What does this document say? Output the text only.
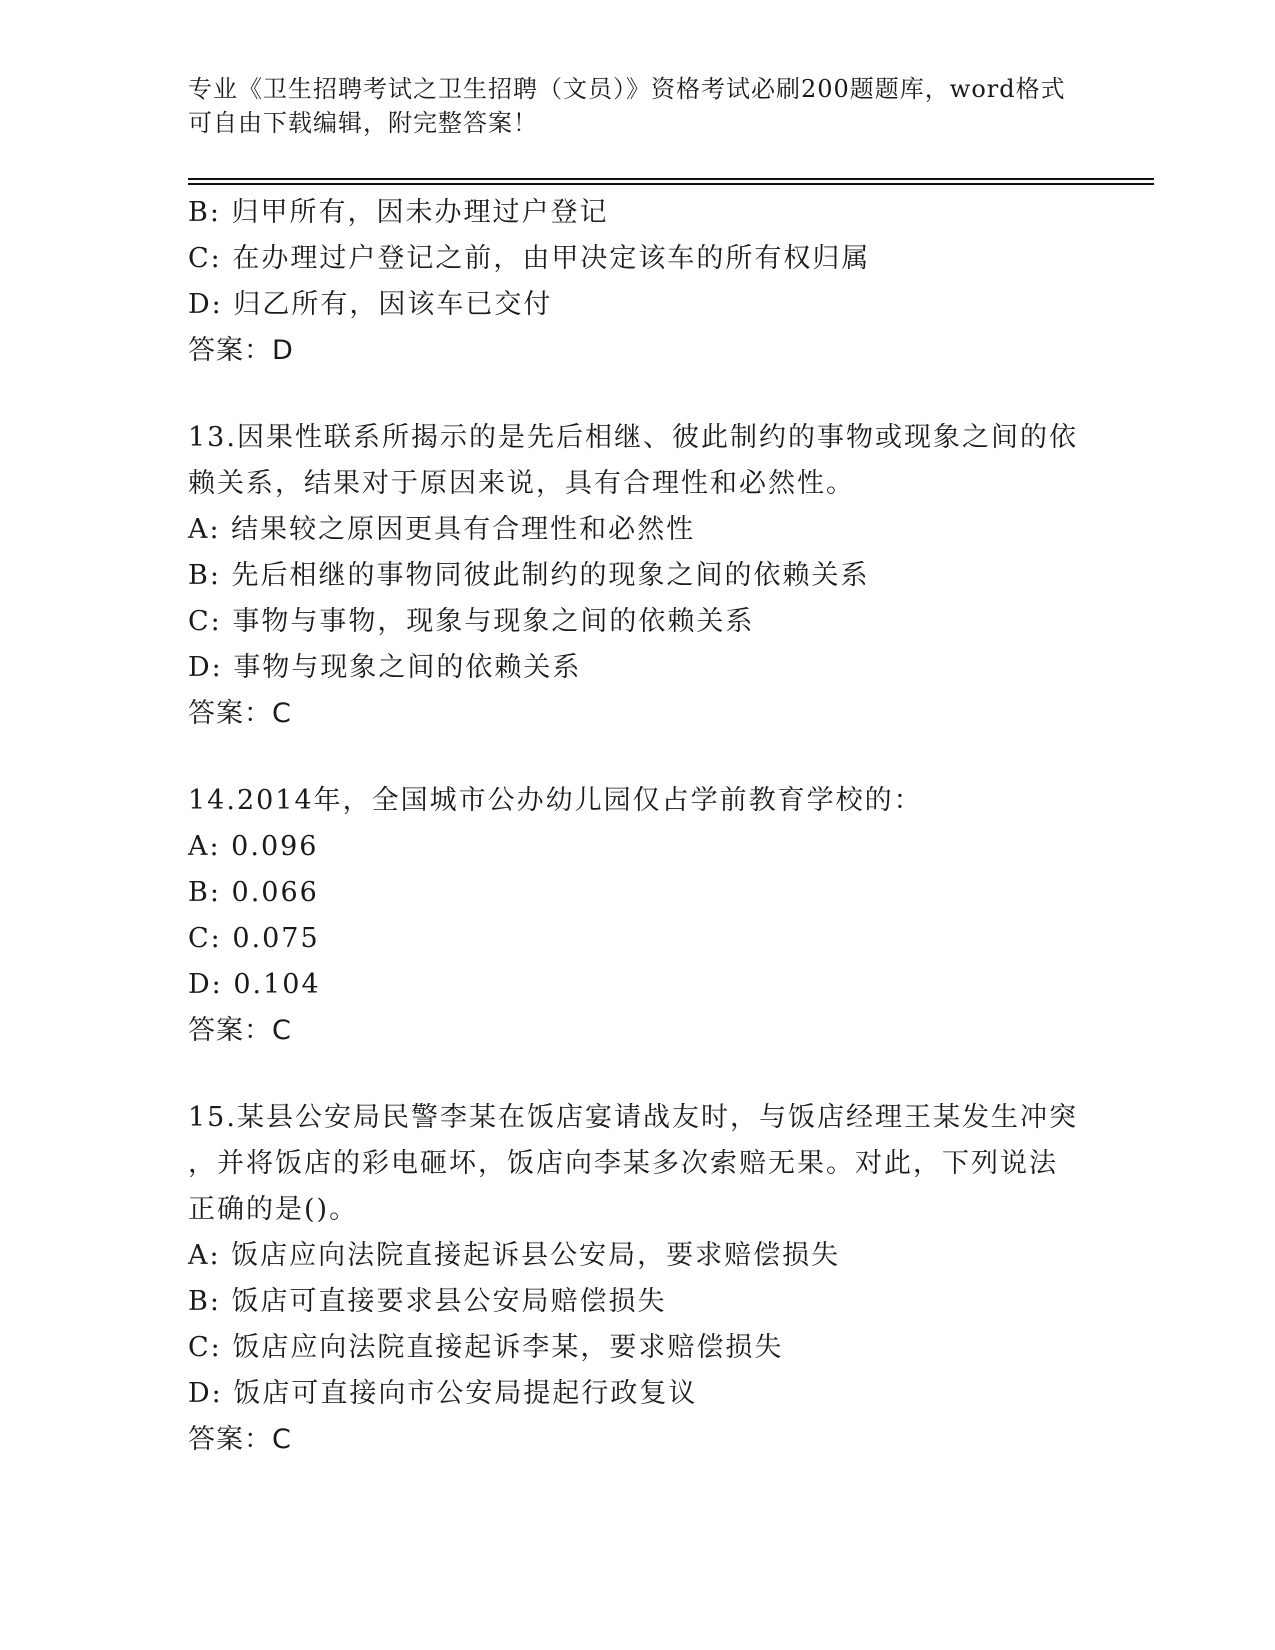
专业《卫生招聘考试之卫生招聘（文员）》资格考试必刷200题题库，word格式
可自由下载编辑，附完整答案！
B: 归甲所有，因未办理过户登记
C: 在办理过户登记之前，由甲决定该车的所有权归属
D: 归乙所有，因该车已交付
答案：D
13.因果性联系所揭示的是先后相继、彼此制约的事物或现象之间的依
赖关系，结果对于原因来说，具有合理性和必然性。
A: 结果较之原因更具有合理性和必然性
B: 先后相继的事物同彼此制约的现象之间的依赖关系
C: 事物与事物，现象与现象之间的依赖关系
D: 事物与现象之间的依赖关系
答案：C
14.2014年，全国城市公办幼儿园仅占学前教育学校的：
A: 0.096
B: 0.066
C: 0.075
D: 0.104
答案：C
15.某县公安局民警李某在饭店宴请战友时，与饭店经理王某发生冲突
，并将饭店的彩电砸坏，饭店向李某多次索赔无果。对此，下列说法
正确的是()。
A: 饭店应向法院直接起诉县公安局，要求赔偿损失
B: 饭店可直接要求县公安局赔偿损失
C: 饭店应向法院直接起诉李某，要求赔偿损失
D: 饭店可直接向市公安局提起行政复议
答案：C
